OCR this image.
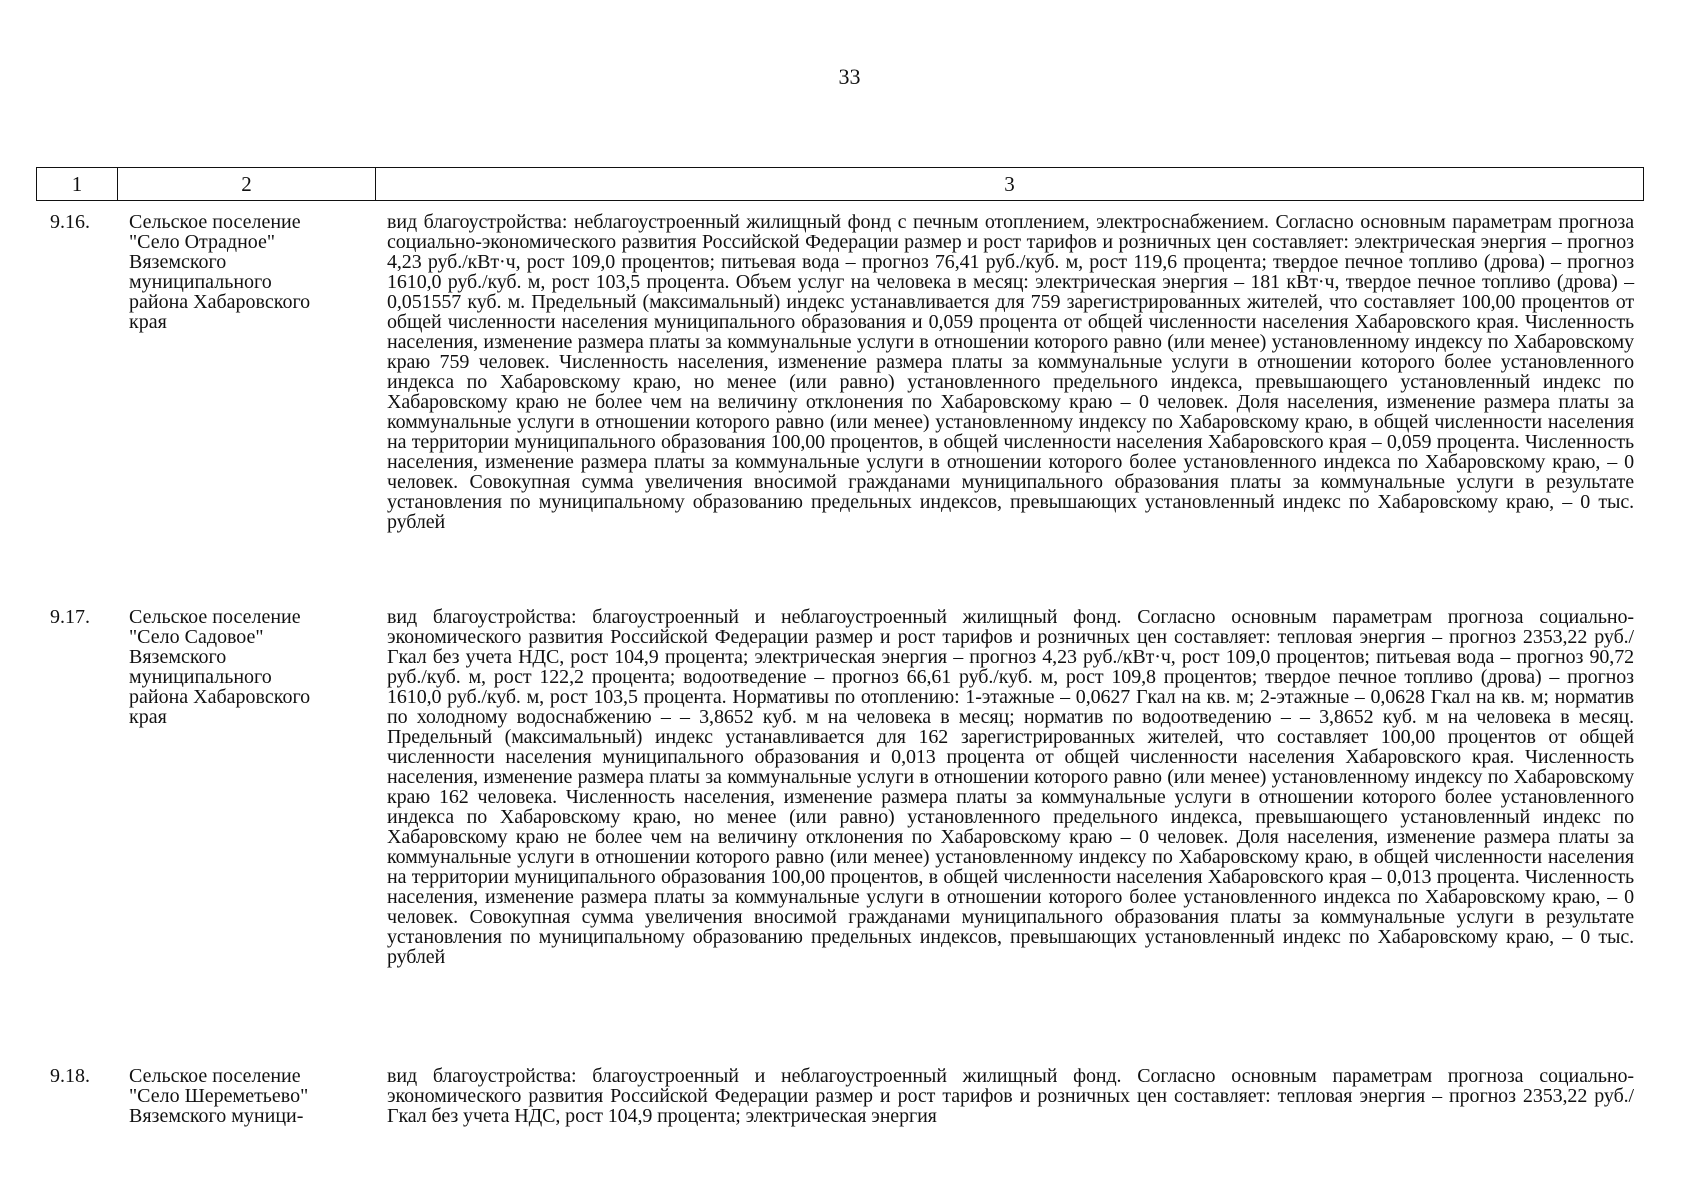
33
1	2	3
9.16. Сельское поселение
"Село Отрадное"
Вяземского
муниципального
района Хабаровского
края
вид благоустройства: неблагоустроенный жилищный фонд с печным отоплением, электроснабжением. Согласно основным параметрам прогноза социально-экономического развития Российской Федерации размер и рост тарифов и розничных цен составляет: электрическая энергия – прогноз 4,23 руб./кВт·ч, рост 109,0 процентов; питьевая вода – прогноз 76,41 руб./куб. м, рост 119,6 процента; твердое печное топливо (дрова) – прогноз 1610,0 руб./куб. м, рост 103,5 процента. Объем услуг на человека в месяц: электрическая энергия – 181 кВт·ч, твердое печное топливо (дрова) – 0,051557 куб. м. Предельный (максимальный) индекс устанавливается для 759 зарегистрированных жителей, что составляет 100,00 процентов от общей численности населения муниципального образования и 0,059 процента от общей численности населения Хабаровского края. Численность населения, изменение размера платы за коммунальные услуги в отношении которого равно (или менее) установленному индексу по Хабаровскому краю 759 человек. Численность населения, изменение размера платы за коммунальные услуги в отношении которого более установленного индекса по Хабаровскому краю, но менее (или равно) установленного предельного индекса, превышающего установленный индекс по Хабаровскому краю не более чем на величину отклонения по Хабаровскому краю – 0 человек. Доля населения, изменение размера платы за коммунальные услуги в отношении которого равно (или менее) установленному индексу по Хабаровскому краю, в общей численности населения на территории муниципального образования 100,00 процентов, в общей численности населения Хабаровского края – 0,059 процента. Численность населения, изменение размера платы за коммунальные услуги в отношении которого более установленного индекса по Хабаровскому краю, – 0 человек. Совокупная сумма увеличения вносимой гражданами муниципального образования платы за коммунальные услуги в результате установления по муниципальному образованию предельных индексов, превышающих установленный индекс по Хабаровскому краю, – 0 тыс. рублей
9.17. Сельское поселение
"Село Садовое"
Вяземского
муниципального
района Хабаровского
края
вид благоустройства: благоустроенный и неблагоустроенный жилищный фонд. Согласно основным параметрам прогноза социально-экономического развития Российской Федерации размер и рост тарифов и розничных цен составляет: тепловая энергия – прогноз 2353,22 руб./Гкал без учета НДС, рост 104,9 процента; электрическая энергия – прогноз 4,23 руб./кВт·ч, рост 109,0 процентов; питьевая вода – прогноз 90,72 руб./куб. м, рост 122,2 процента; водоотведение – прогноз 66,61 руб./куб. м, рост 109,8 процентов; твердое печное топливо (дрова) – прогноз 1610,0 руб./куб. м, рост 103,5 процента. Нормативы по отоплению: 1-этажные – 0,0627 Гкал на кв. м; 2-этажные – 0,0628 Гкал на кв. м; норматив по холодному водоснабжению – – 3,8652 куб. м на человека в месяц; норматив по водоотведению – – 3,8652 куб. м на человека в месяц. Предельный (максимальный) индекс устанавливается для 162 зарегистрированных жителей, что составляет 100,00 процентов от общей численности населения муниципального образования и 0,013 процента от общей численности населения Хабаровского края. Численность населения, изменение размера платы за коммунальные услуги в отношении которого равно (или менее) установленному индексу по Хабаровскому краю 162 человека. Численность населения, изменение размера платы за коммунальные услуги в отношении которого более установленного индекса по Хабаровскому краю, но менее (или равно) установленного предельного индекса, превышающего установленный индекс по Хабаровскому краю не более чем на величину отклонения по Хабаровскому краю – 0 человек. Доля населения, изменение размера платы за коммунальные услуги в отношении которого равно (или менее) установленному индексу по Хабаровскому краю, в общей численности населения на территории муниципального образования 100,00 процентов, в общей численности населения Хабаровского края – 0,013 процента. Численность населения, изменение размера платы за коммунальные услуги в отношении которого более установленного индекса по Хабаровскому краю, – 0 человек. Совокупная сумма увеличения вносимой гражданами муниципального образования платы за коммунальные услуги в результате установления по муниципальному образованию предельных индексов, превышающих установленный индекс по Хабаровскому краю, – 0 тыс. рублей
9.18. Сельское поселение
"Село Шереметьево"
Вяземского муници-
вид благоустройства: благоустроенный и неблагоустроенный жилищный фонд. Согласно основным параметрам прогноза социально-экономического развития Российской Федерации размер и рост тарифов и розничных цен составляет: тепловая энергия – прогноз 2353,22 руб./Гкал без учета НДС, рост 104,9 процента; электрическая энергия
